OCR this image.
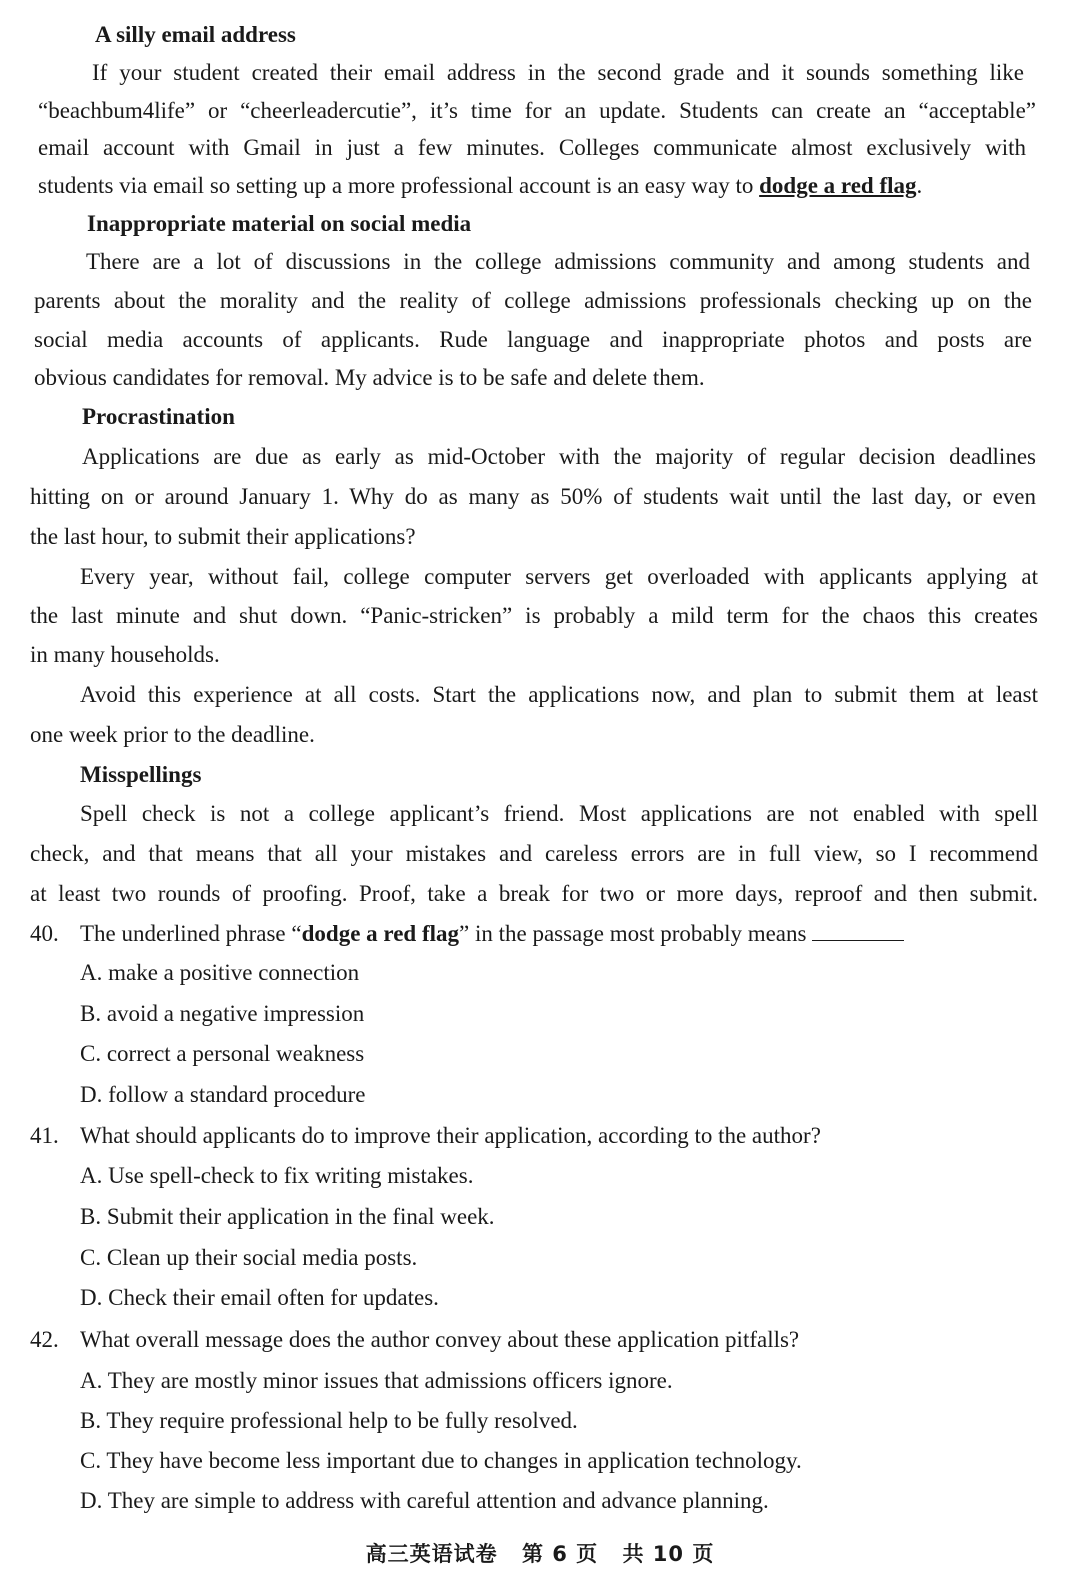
A silly email address
If your student created their email address in the second grade and it sounds something like
“beachbum4life” or “cheerleadercutie”, it’s time for an update. Students can create an “acceptable”
email account with Gmail in just a few minutes. Colleges communicate almost exclusively with
students via email so setting up a more professional account is an easy way to dodge a red flag.
Inappropriate material on social media
There are a lot of discussions in the college admissions community and among students and
parents about the morality and the reality of college admissions professionals checking up on the
social media accounts of applicants. Rude language and inappropriate photos and posts are
obvious candidates for removal. My advice is to be safe and delete them.
Procrastination
Applications are due as early as mid-October with the majority of regular decision deadlines
hitting on or around January 1. Why do as many as 50% of students wait until the last day, or even
the last hour, to submit their applications?
Every year, without fail, college computer servers get overloaded with applicants applying at
the last minute and shut down. “Panic-stricken” is probably a mild term for the chaos this creates
in many households.
Avoid this experience at all costs. Start the applications now, and plan to submit them at least
one week prior to the deadline.
Misspellings
Spell check is not a college applicant’s friend. Most applications are not enabled with spell
check, and that means that all your mistakes and careless errors are in full view, so I recommend
at least two rounds of proofing. Proof, take a break for two or more days, reproof and then submit.
40. The underlined phrase “dodge a red flag” in the passage most probably means
A. make a positive connection
B. avoid a negative impression
C. correct a personal weakness
D. follow a standard procedure
41. What should applicants do to improve their application, according to the author?
A. Use spell-check to fix writing mistakes.
B. Submit their application in the final week.
C. Clean up their social media posts.
D. Check their email often for updates.
42. What overall message does the author convey about these application pitfalls?
A. They are mostly minor issues that admissions officers ignore.
B. They require professional help to be fully resolved.
C. They have become less important due to changes in application technology.
D. They are simple to address with careful attention and advance planning.
高三英语试卷 第 6 页 共 10 页
